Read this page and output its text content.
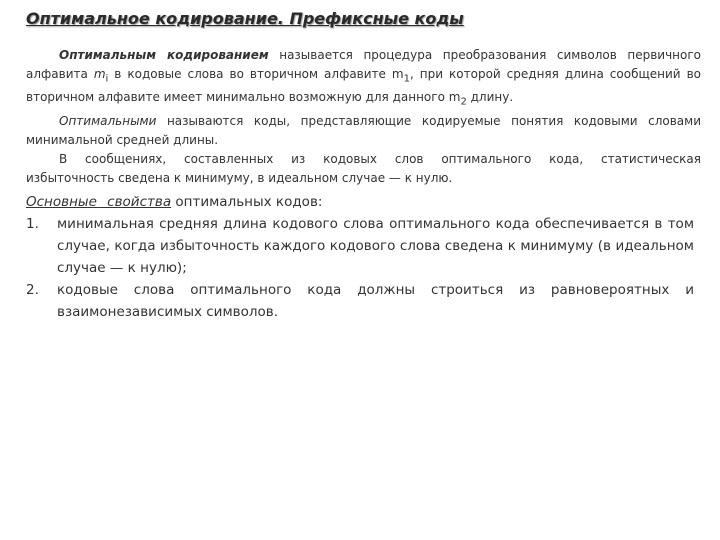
Оптимальное кодирование. Префиксные коды

Оптимальным кодированием называется процедура преобразования символов первичного алфавита $m_i$ в кодовые слова во вторичном алфавите $m_1$, при которой средняя длина сообщений во вторичном алфавите имеет минимально возможную для данного $m_2$ длину.

Оптимальными называются коды, представляющие кодируемые понятия кодовыми словами минимальной средней длины.

В сообщениях, составленных из кодовых слов оптимального кода, статистическая

избыточность сведена к минимуму, в идеальном случае — к нулю.

Основные свойства оптимальных кодов:

1. минимальная средняя длина кодового слова оптимального кода обеспечивается в том случае, когда избыточность каждого кодового слова сведена к минимуму (в идеальном случае — к нулю);
2. кодовые слова оптимального кода должны строиться из равновероятных и взаимонезависимых символов.
